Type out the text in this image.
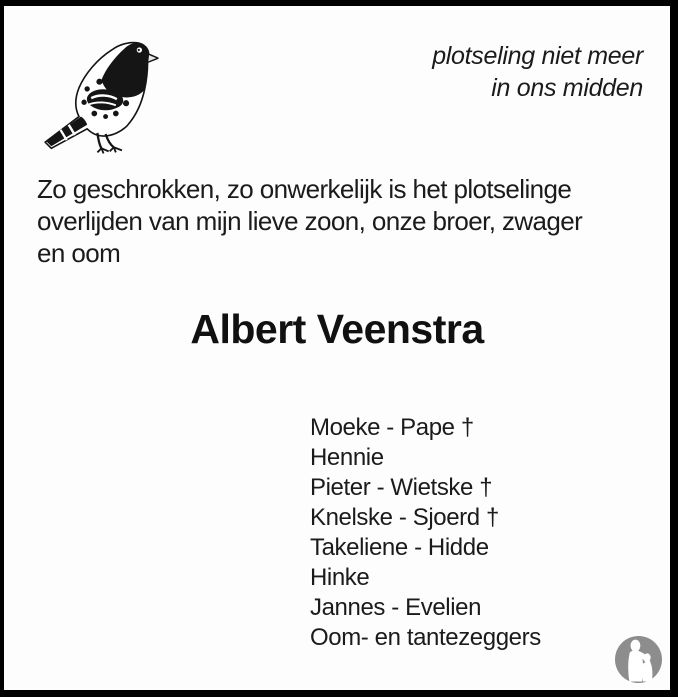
plotseling niet meer
in ons midden
Zo geschrokken, zo onwerkelijk is het plotselinge
overlijden van mijn lieve zoon, onze broer, zwager
en oom
Albert Veenstra
Moeke - Pape †
Hennie
Pieter - Wietske †
Knelske - Sjoerd †
Takeliene - Hidde
Hinke
Jannes - Evelien
Oom- en tantezeggers
